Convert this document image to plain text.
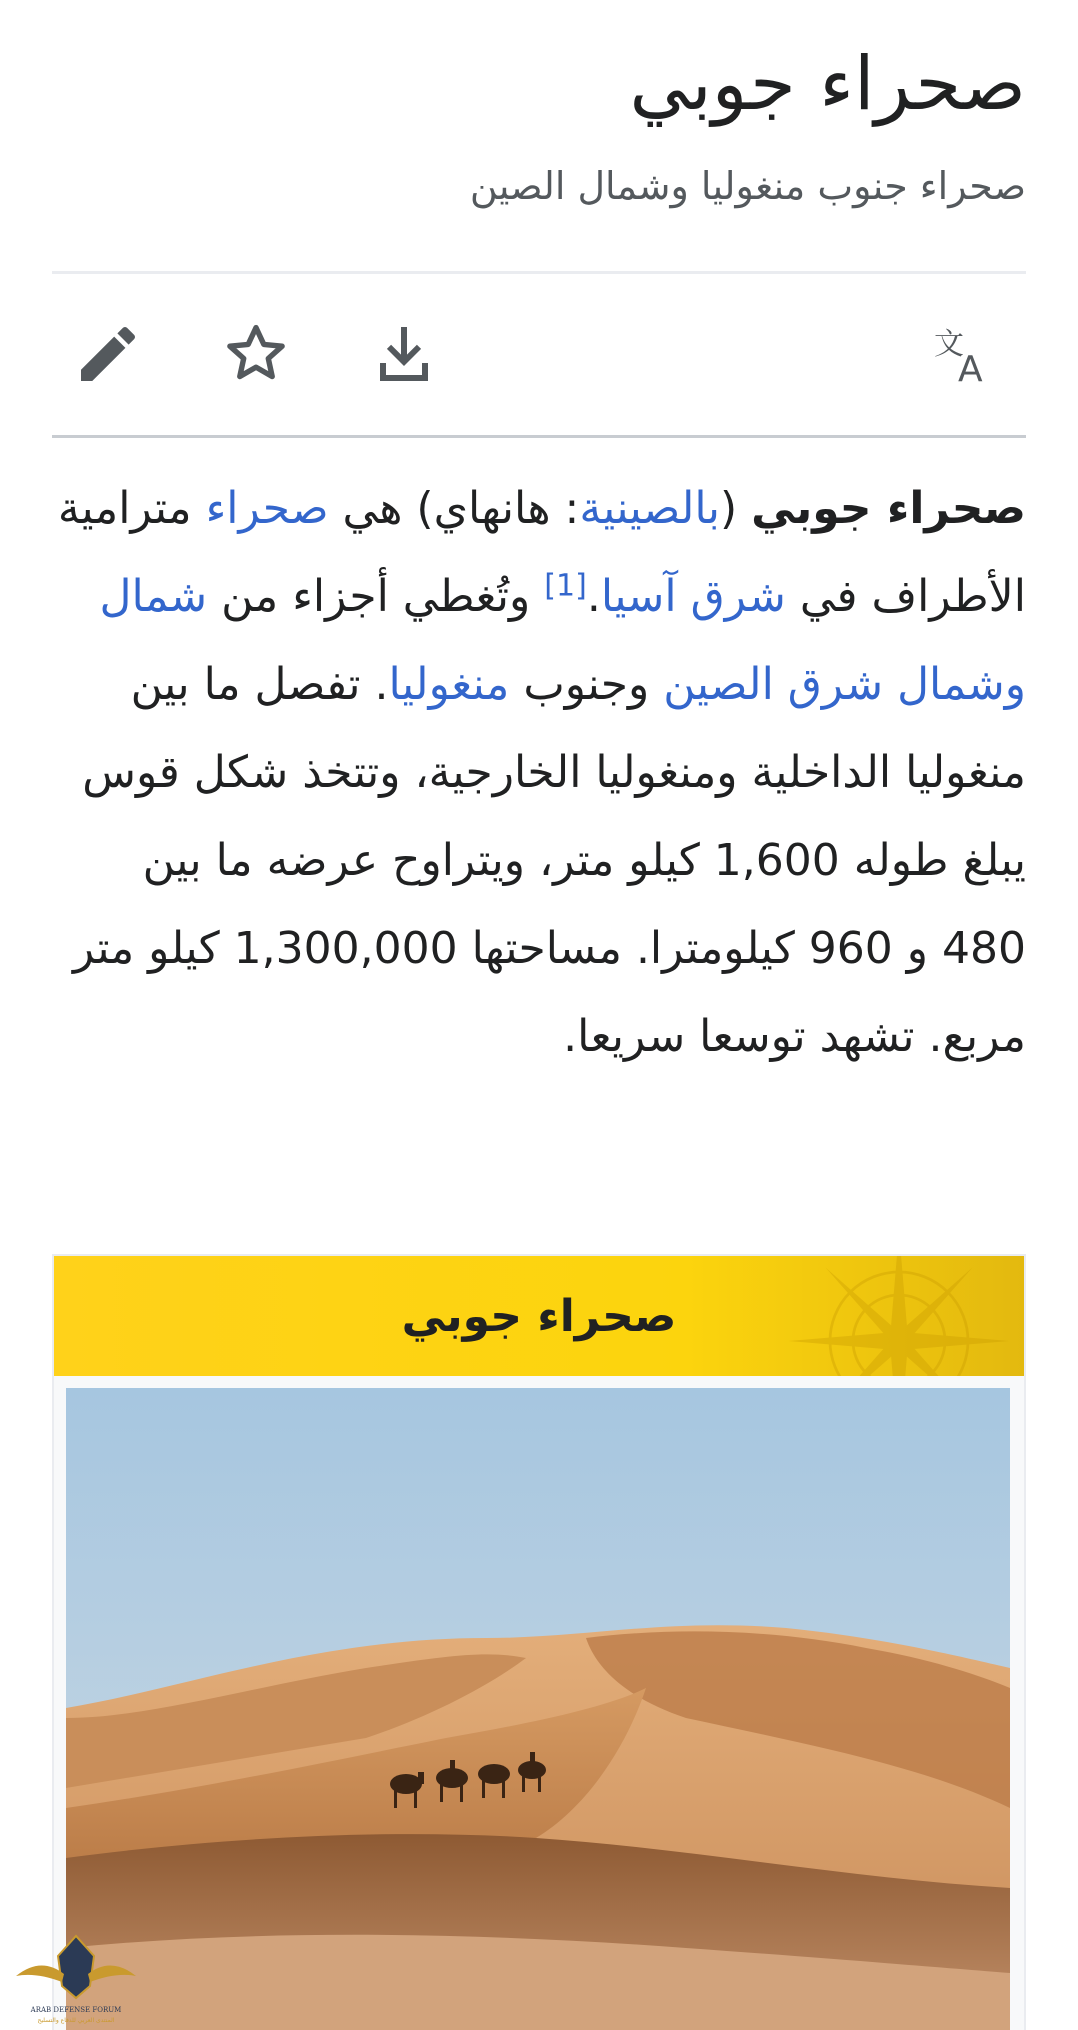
صحراء جوبي
صحراء جنوب منغوليا وشمال الصين
文
A

صحراء جوبي (بالصينية: هانهاي) هي صحراء مترامية الأطراف في شرق آسيا.[1] وتُغطي أجزاء من شمال وشمال شرق الصين وجنوب منغوليا. تفصل ما بين منغوليا الداخلية ومنغوليا الخارجية، وتتخذ شكل قوس يبلغ طوله 1,600 كيلو متر، ويتراوح عرضه ما بين 480 و 960 كيلومترا. مساحتها 1,300,000 كيلو متر مربع. تشهد توسعا سريعا.

صحراء جوبي
ARAB DEFENSE FORUM
المنتدى العربي للدفاع والتسليح
